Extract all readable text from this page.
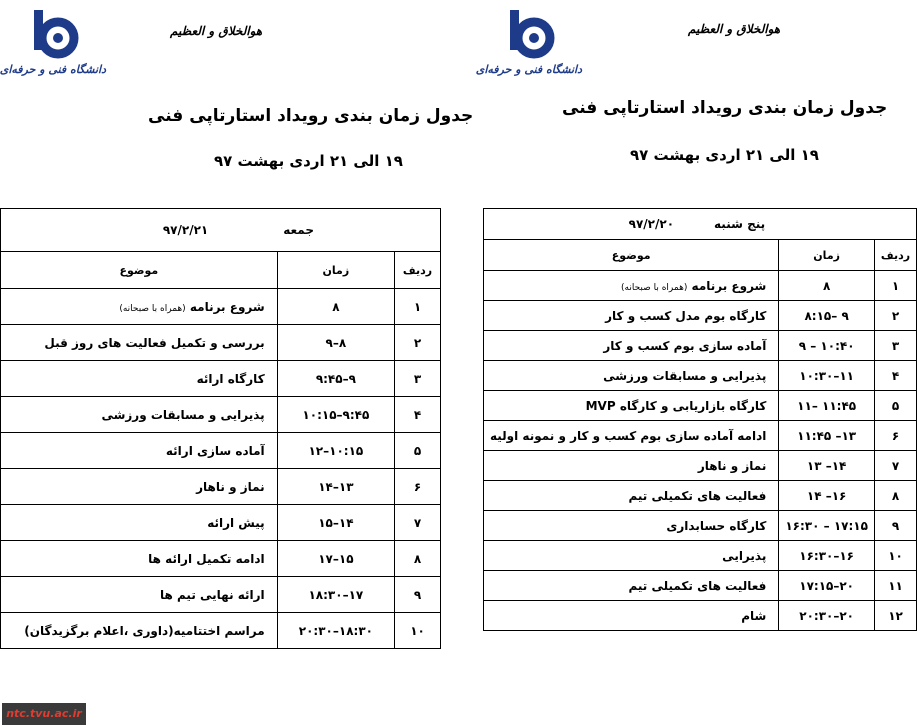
دانشگاه فنی و حرفه‌ای
هوالخلاق و العظیم
جدول زمان بندی رویداد استارتاپی فنی
۱۹ الی ۲۱ اردی بهشت ۹۷
پنج شنبه۹۷/۲/۲۰		
ردیف	زمان	موضوع
۱	۸	شروع برنامه (همراه با صبحانه)
۲	۹ –۸:۱۵	کارگاه بوم مدل کسب و کار
۳	۱۰:۴۰ – ۹	آماده سازی بوم کسب و کار
۴	۱۱–۱۰:۳۰	پذیرایی و مسابقات ورزشی
۵	۱۱:۴۵ –۱۱	کارگاه بازاریابی و کارگاه MVP
۶	۱۳– ۱۱:۴۵	ادامه آماده سازی بوم کسب و کار و نمونه اولیه
۷	۱۴– ۱۳	نماز و ناهار
۸	۱۶– ۱۴	فعالیت های تکمیلی تیم
۹	۱۷:۱۵ – ۱۶:۳۰	کارگاه حسابداری
۱۰	۱۶–۱۶:۳۰	پذیرایی
۱۱	۲۰–۱۷:۱۵	فعالیت های تکمیلی تیم
۱۲	۲۰–۲۰:۳۰	شام
دانشگاه فنی و حرفه‌ای
هوالخلاق و العظیم
جدول زمان بندی رویداد استارتاپی فنی
۱۹ الی ۲۱ اردی بهشت ۹۷
جمعه۹۷/۲/۲۱		
ردیف	زمان	موضوع
۱	۸	شروع برنامه (همراه با صبحانه)
۲	۸–۹	بررسی و تکمیل فعالیت های روز قبل
۳	۹–۹:۴۵	کارگاه ارائه
۴	۹:۴۵–۱۰:۱۵	پذیرایی و مسابقات ورزشی
۵	۱۰:۱۵–۱۲	آماده سازی ارائه
۶	۱۳–۱۴	نماز و ناهار
۷	۱۴–۱۵	پیش ارائه
۸	۱۵–۱۷	ادامه تکمیل ارائه ها
۹	۱۷–۱۸:۳۰	ارائه نهایی تیم ها
۱۰	۱۸:۳۰–۲۰:۳۰	مراسم اختتامیه(داوری ،اعلام برگزیدگان)
ntc.tvu.ac.ir
